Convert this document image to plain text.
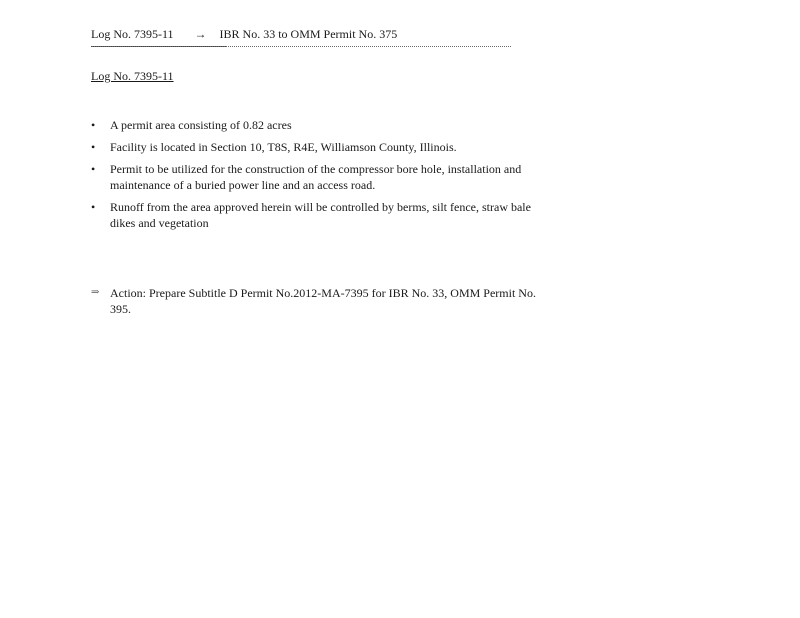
Log No. 7395-11 → IBR No. 33 to OMM Permit No. 375
Log No. 7395-11
•	A permit area consisting of 0.82 acres
•	Facility is located in Section 10, T8S, R4E, Williamson County, Illinois.
•	Permit to be utilized for the construction of the compressor bore hole, installation and maintenance of a buried power line and an access road.
•	Runoff from the area approved herein will be controlled by berms, silt fence, straw bale dikes and vegetation
⇒ Action: Prepare Subtitle D Permit No.2012-MA-7395 for IBR No. 33, OMM Permit No. 395.
